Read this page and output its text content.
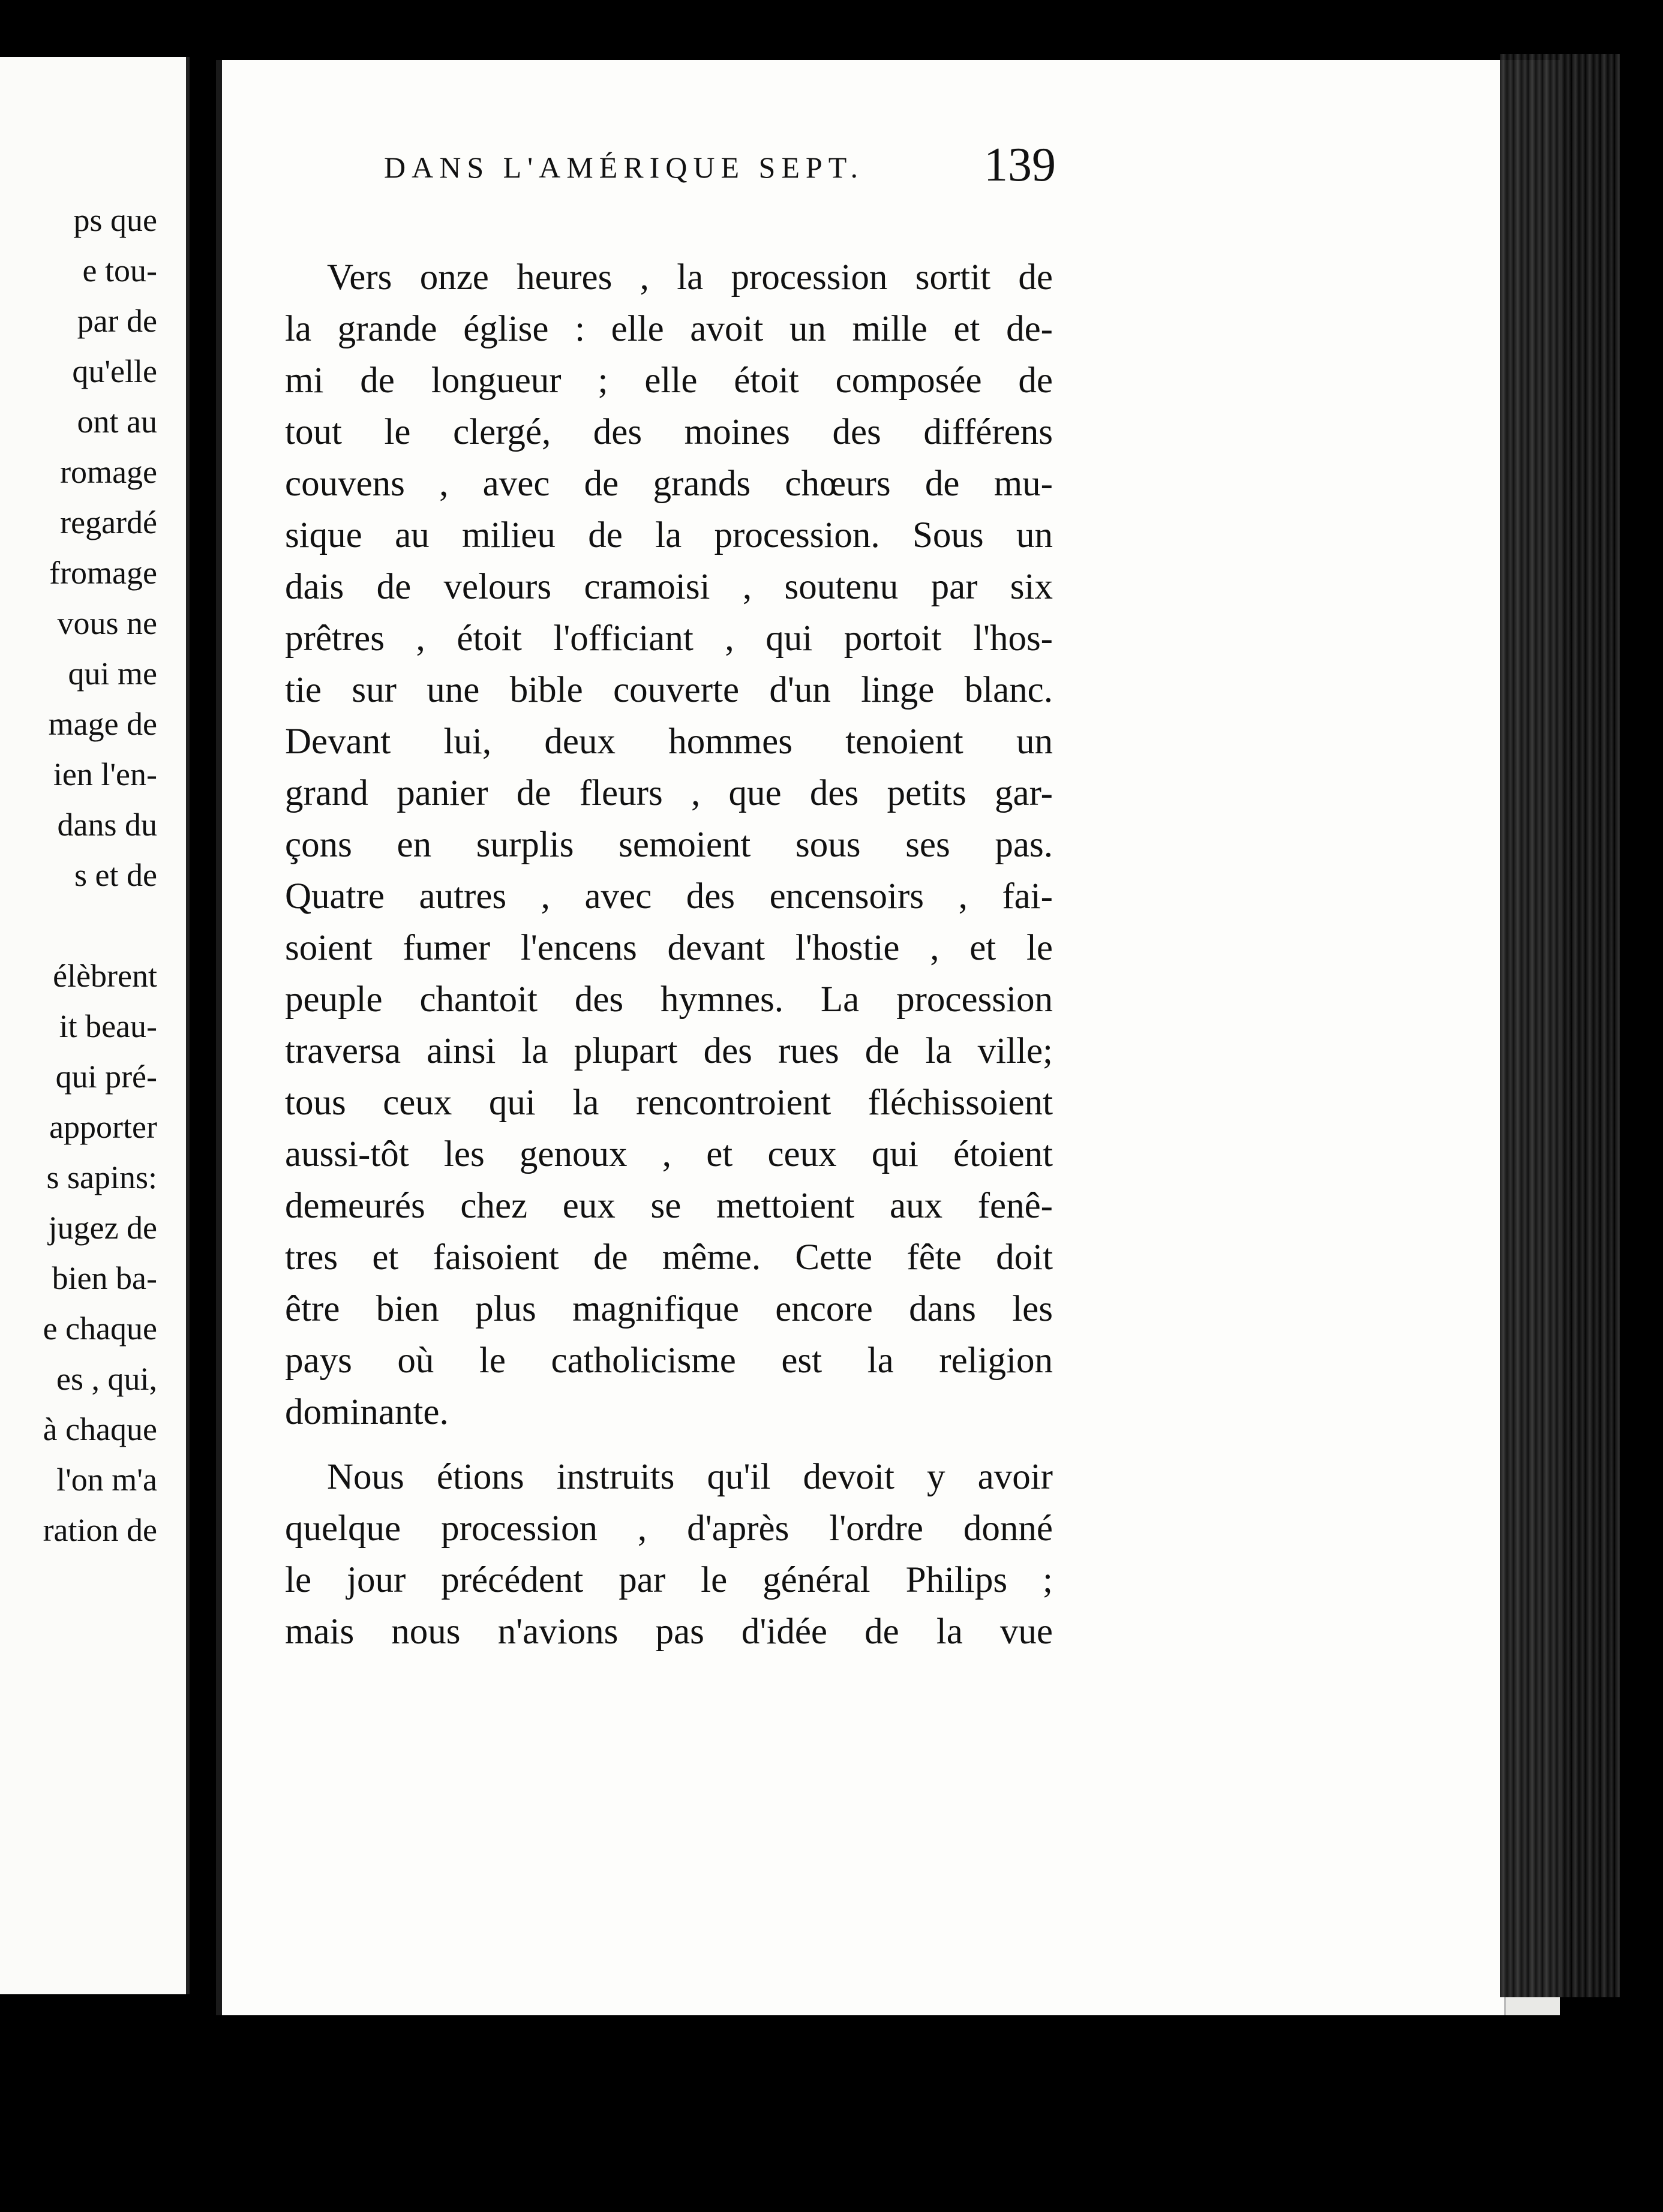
ps que
e tou-
par de
qu'elle
ont au
romage
regardé
fromage
vous ne
qui me
mage de
ien l'en-
dans du
s et de
élèbrent
it beau-
qui pré-
apporter
s sapins:
jugez de
bien ba-
e chaque
es , qui,
à chaque
l'on m'a
ration de
DANS L'AMÉRIQUE SEPT. 139
Vers onze heures , la procession sortit de
la grande église : elle avoit un mille et de-
mi de longueur ; elle étoit composée de
tout le clergé, des moines des différens
couvens , avec de grands chœurs de mu-
sique au milieu de la procession. Sous un
dais de velours cramoisi , soutenu par six
prêtres , étoit l'officiant , qui portoit l'hos-
tie sur une bible couverte d'un linge blanc.
Devant lui, deux hommes tenoient un
grand panier de fleurs , que des petits gar-
çons en surplis semoient sous ses pas.
Quatre autres , avec des encensoirs , fai-
soient fumer l'encens devant l'hostie , et le
peuple chantoit des hymnes. La procession
traversa ainsi la plupart des rues de la ville;
tous ceux qui la rencontroient fléchissoient
aussi-tôt les genoux , et ceux qui étoient
demeurés chez eux se mettoient aux fenê-
tres et faisoient de même. Cette fête doit
être bien plus magnifique encore dans les
pays où le catholicisme est la religion
dominante.
Nous étions instruits qu'il devoit y avoir
quelque procession , d'après l'ordre donné
le jour précédent par le général Philips ;
mais nous n'avions pas d'idée de la vue
